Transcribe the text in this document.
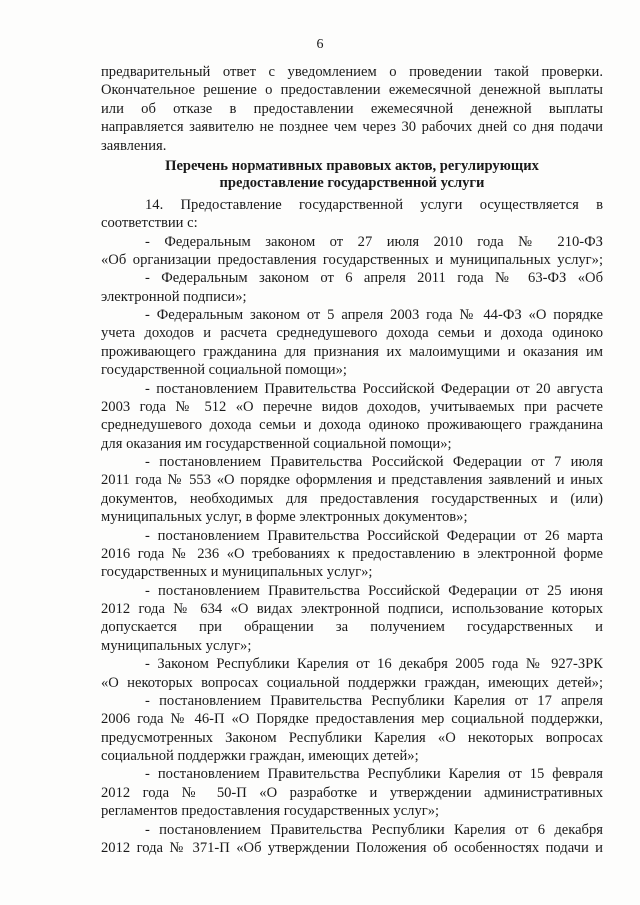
6
предварительный ответ с уведомлением о проведении такой проверки.
Окончательное решение о предоставлении ежемесячной денежной выплаты
или об отказе в предоставлении ежемесячной денежной выплаты
направляется заявителю не позднее чем через 30 рабочих дней со дня подачи
заявления.
Перечень нормативных правовых актов, регулирующих
предоставление государственной услуги
14. Предоставление государственной услуги осуществляется в
соответствии с:
- Федеральным законом от 27 июля 2010 года № 210-ФЗ
«Об организации предоставления государственных и муниципальных услуг»;
- Федеральным законом от 6 апреля 2011 года № 63-ФЗ «Об
электронной подписи»;
- Федеральным законом от 5 апреля 2003 года № 44-ФЗ «О порядке
учета доходов и расчета среднедушевого дохода семьи и дохода одиноко
проживающего гражданина для признания их малоимущими и оказания им
государственной социальной помощи»;
- постановлением Правительства Российской Федерации от 20 августа
2003 года № 512 «О перечне видов доходов, учитываемых при расчете
среднедушевого дохода семьи и дохода одиноко проживающего гражданина
для оказания им государственной социальной помощи»;
- постановлением Правительства Российской Федерации от 7 июля
2011 года № 553 «О порядке оформления и представления заявлений и иных
документов, необходимых для предоставления государственных и (или)
муниципальных услуг, в форме электронных документов»;
- постановлением Правительства Российской Федерации от 26 марта
2016 года № 236 «О требованиях к предоставлению в электронной форме
государственных и муниципальных услуг»;
- постановлением Правительства Российской Федерации от 25 июня
2012 года № 634 «О видах электронной подписи, использование которых
допускается при обращении за получением государственных и
муниципальных услуг»;
- Законом Республики Карелия от 16 декабря 2005 года № 927-ЗРК
«О некоторых вопросах социальной поддержки граждан, имеющих детей»;
- постановлением Правительства Республики Карелия от 17 апреля
2006 года № 46-П «О Порядке предоставления мер социальной поддержки,
предусмотренных Законом Республики Карелия «О некоторых вопросах
социальной поддержки граждан, имеющих детей»;
- постановлением Правительства Республики Карелия от 15 февраля
2012 года № 50-П «О разработке и утверждении административных
регламентов предоставления государственных услуг»;
- постановлением Правительства Республики Карелия от 6 декабря
2012 года № 371-П «Об утверждении Положения об особенностях подачи и
